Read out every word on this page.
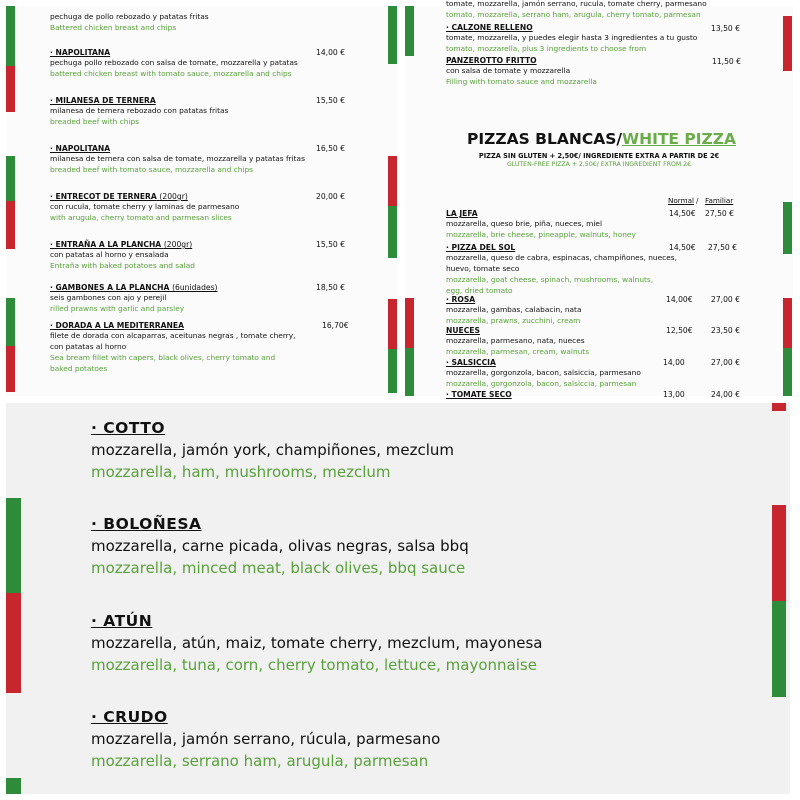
pechuga de pollo rebozado y patatas fritas
Battered chicken breast and chips
· NAPOLITANA
pechuga pollo rebozado con salsa de tomate, mozzarella y patatas
battered chicken breast with tomato sauce, mozzarella and chips
14,00 €
· MILANESA DE TERNERA
milanesa de ternera rebozado con patatas fritas
breaded beef with chips
15,50 €
· NAPOLITANA
milanesa de ternera con salsa de tomate, mozzarella y patatas fritas
breaded beef with tomato sauce, mozzarella and chips
16,50 €
· ENTRECOT DE TERNERA (200gr)
con rucula, tomate cherry y laminas de parmesano
with arugula, cherry tomato and parmesan slices
20,00 €
· ENTRAÑA A LA PLANCHA (200gr)
con patatas al horno y ensalada
Entraña with baked potatoes and salad
15,50 €
· GAMBONES A LA PLANCHA (6unidades)
seis gambones con ajo y perejil
rilled prawns with garlic and parsley
18,50 €
· DORADA A LA MEDITERRANEA
filete de dorada con alcaparras, aceitunas negras , tomate cherry,
con patatas al horno
Sea bream fillet with capers, black olives, cherry tomato and
baked potatoes
16,70€
tomate, mozzarella, jamón serrano, rucula, tomate cherry, parmesano
tomato, mozzarella, serrano ham, arugula, cherry tomato, parmesan
· CALZONE RELLENO
tomate, mozzarella, y puedes elegir hasta 3 ingredientes a tu gusto
tomato, mozzarella, plus 3 ingredients to choose from
13,50 €
PANZEROTTO FRITTO
con salsa de tomate y mozzarella
Filling with tomato sauce and mozzarella
11,50 €
PIZZAS BLANCAS/WHITE PIZZA
PIZZA SIN GLUTEN + 2,50€/ INGREDIENTE EXTRA A PARTIR DE 2€
GLUTEN-FREE PIZZA + 2,50€/ EXTRA INGREDIENT FROM 2€
Normal / Familiar
LA JEFA
mozzarella, queso brie, piña, nueces, miel
mozzarella, brie cheese, pineapple, walnuts, honey
14,50€ 27,50 €
· PIZZA DEL SOL
mozzarella, queso de cabra, espinacas, champiñones, nueces,
huevo, tomate seco
mozzarella, goat cheese, spinach, mushrooms, walnuts,
egg, dried tomato
14,50€ 27,50 €
· ROSA
mozzarella, gambas, calabacin, nata
mozzarella, prawns, zucchini, cream
14,00€ 27,00 €
NUECES
mozzarella, parmesano, nata, nueces
mozzarella, parmesan, cream, walnuts
12,50€ 23,50 €
· SALSICCIA
mozzarella, gorgonzola, bacon, salsiccia, parmesano
mozzarella, gorgonzola, bacon, salsiccia, parmesan
14,00	27,00 €
· TOMATE SECO	13,00	24,00 €
· COTTO
mozzarella, jamón york, champiñones, mezclum
mozzarella, ham, mushrooms, mezclum
· BOLOÑESA
mozzarella, carne picada, olivas negras, salsa bbq
mozzarella, minced meat, black olives, bbq sauce
· ATÚN
mozzarella, atún, maiz, tomate cherry, mezclum, mayonesa
mozzarella, tuna, corn, cherry tomato, lettuce, mayonnaise
· CRUDO
mozzarella, jamón serrano, rúcula, parmesano
mozzarella, serrano ham, arugula, parmesan
